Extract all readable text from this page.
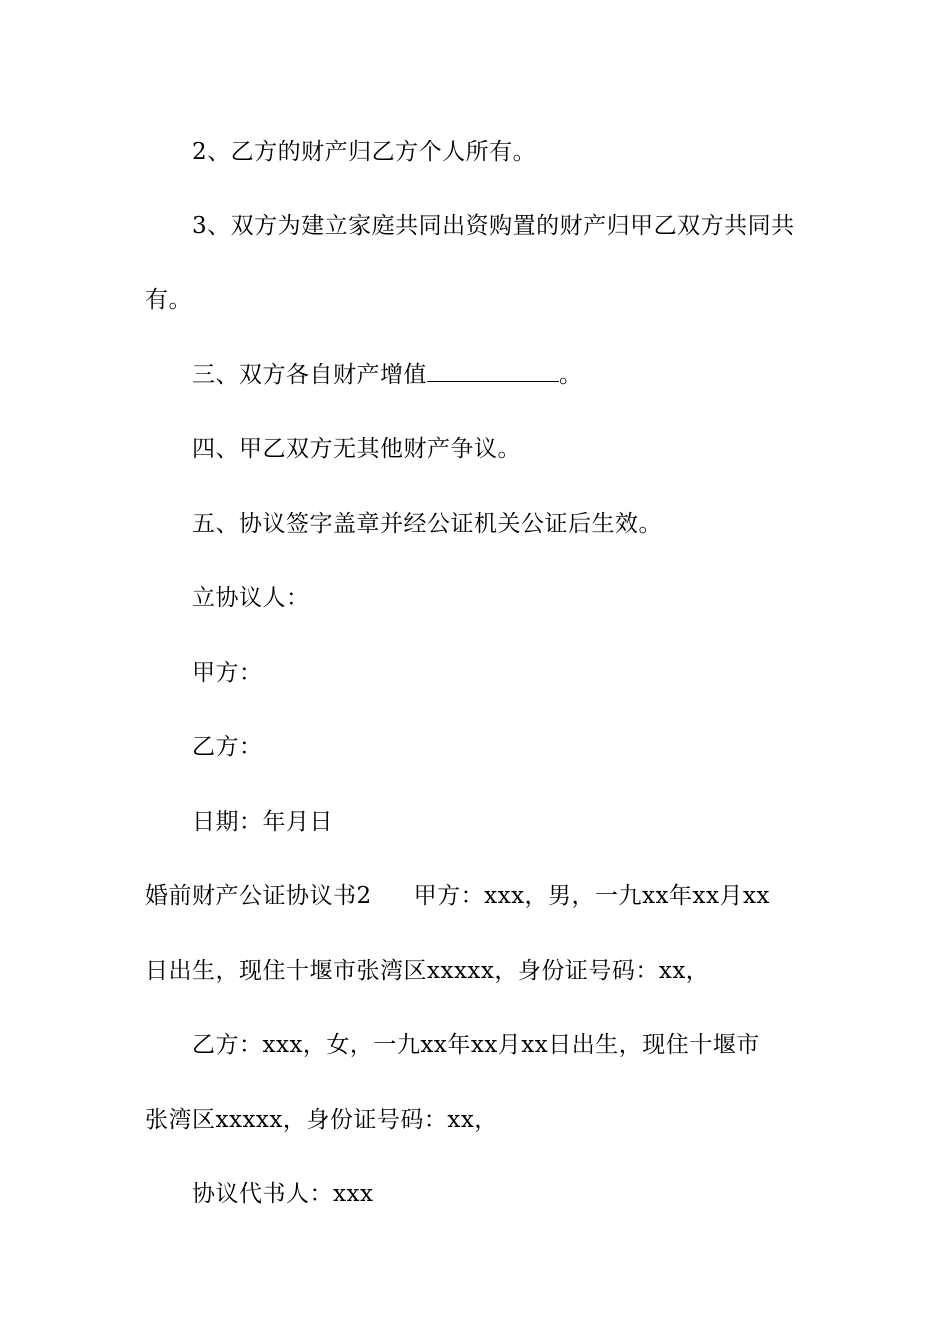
2、乙方的财产归乙方个人所有。
3、双方为建立家庭共同出资购置的财产归甲乙双方共同共
有。
三、双方各自财产增值	。
四、甲乙双方无其他财产争议。
五、协议签字盖章并经公证机关公证后生效。
立协议人：
甲方：
乙方：
日期：年月日
婚前财产公证协议书2 甲方：xxx，男，一九xx年xx月xx
日出生，现住十堰市张湾区xxxxx，身份证号码：xx，
乙方：xxx，女，一九xx年xx月xx日出生，现住十堰市
张湾区xxxxx，身份证号码：xx，
协议代书人：xxx
